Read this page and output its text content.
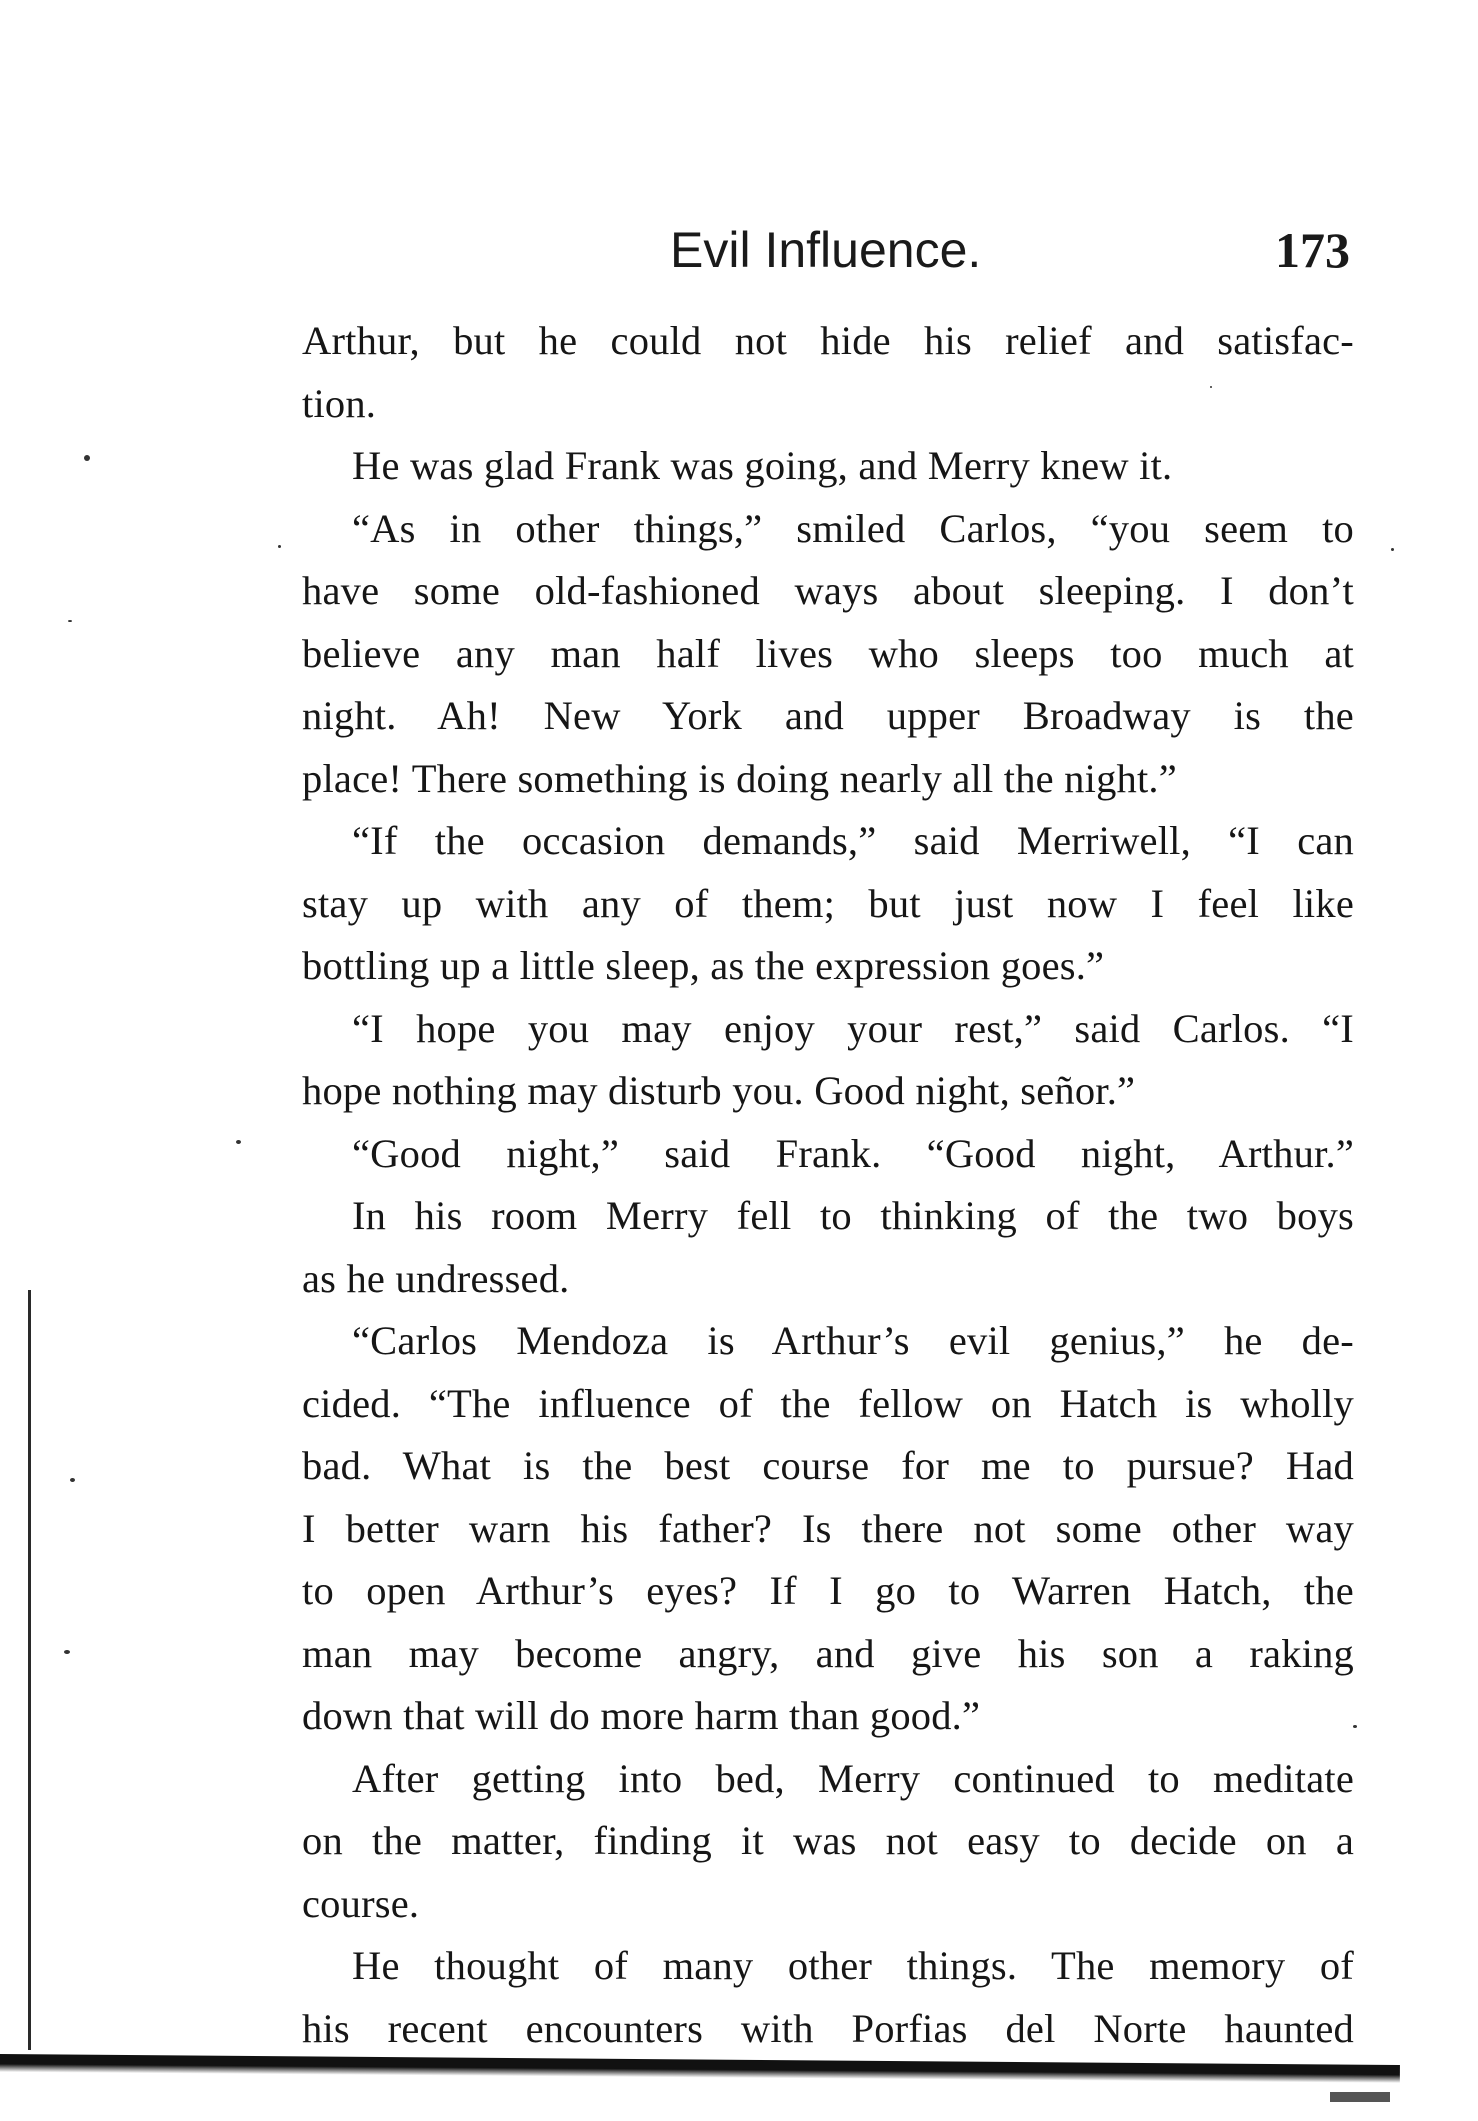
Evil Influence.	173
Arthur, but he could not hide his relief and satisfac-
tion.
He was glad Frank was going, and Merry knew it.
“As in other things,” smiled Carlos, “you seem to
have some old-fashioned ways about sleeping. I don’t
believe any man half lives who sleeps too much at
night. Ah! New York and upper Broadway is the
place! There something is doing nearly all the night.”
“If the occasion demands,” said Merriwell, “I can
stay up with any of them; but just now I feel like
bottling up a little sleep, as the expression goes.”
“I hope you may enjoy your rest,” said Carlos. “I
hope nothing may disturb you. Good night, señor.”
“Good night,” said Frank. “Good night, Arthur.”
In his room Merry fell to thinking of the two boys
as he undressed.
“Carlos Mendoza is Arthur’s evil genius,” he de-
cided. “The influence of the fellow on Hatch is wholly
bad. What is the best course for me to pursue? Had
I better warn his father? Is there not some other way
to open Arthur’s eyes? If I go to Warren Hatch, the
man may become angry, and give his son a raking
down that will do more harm than good.”
After getting into bed, Merry continued to meditate
on the matter, finding it was not easy to decide on a
course.
He thought of many other things. The memory of
his recent encounters with Porfias del Norte haunted
